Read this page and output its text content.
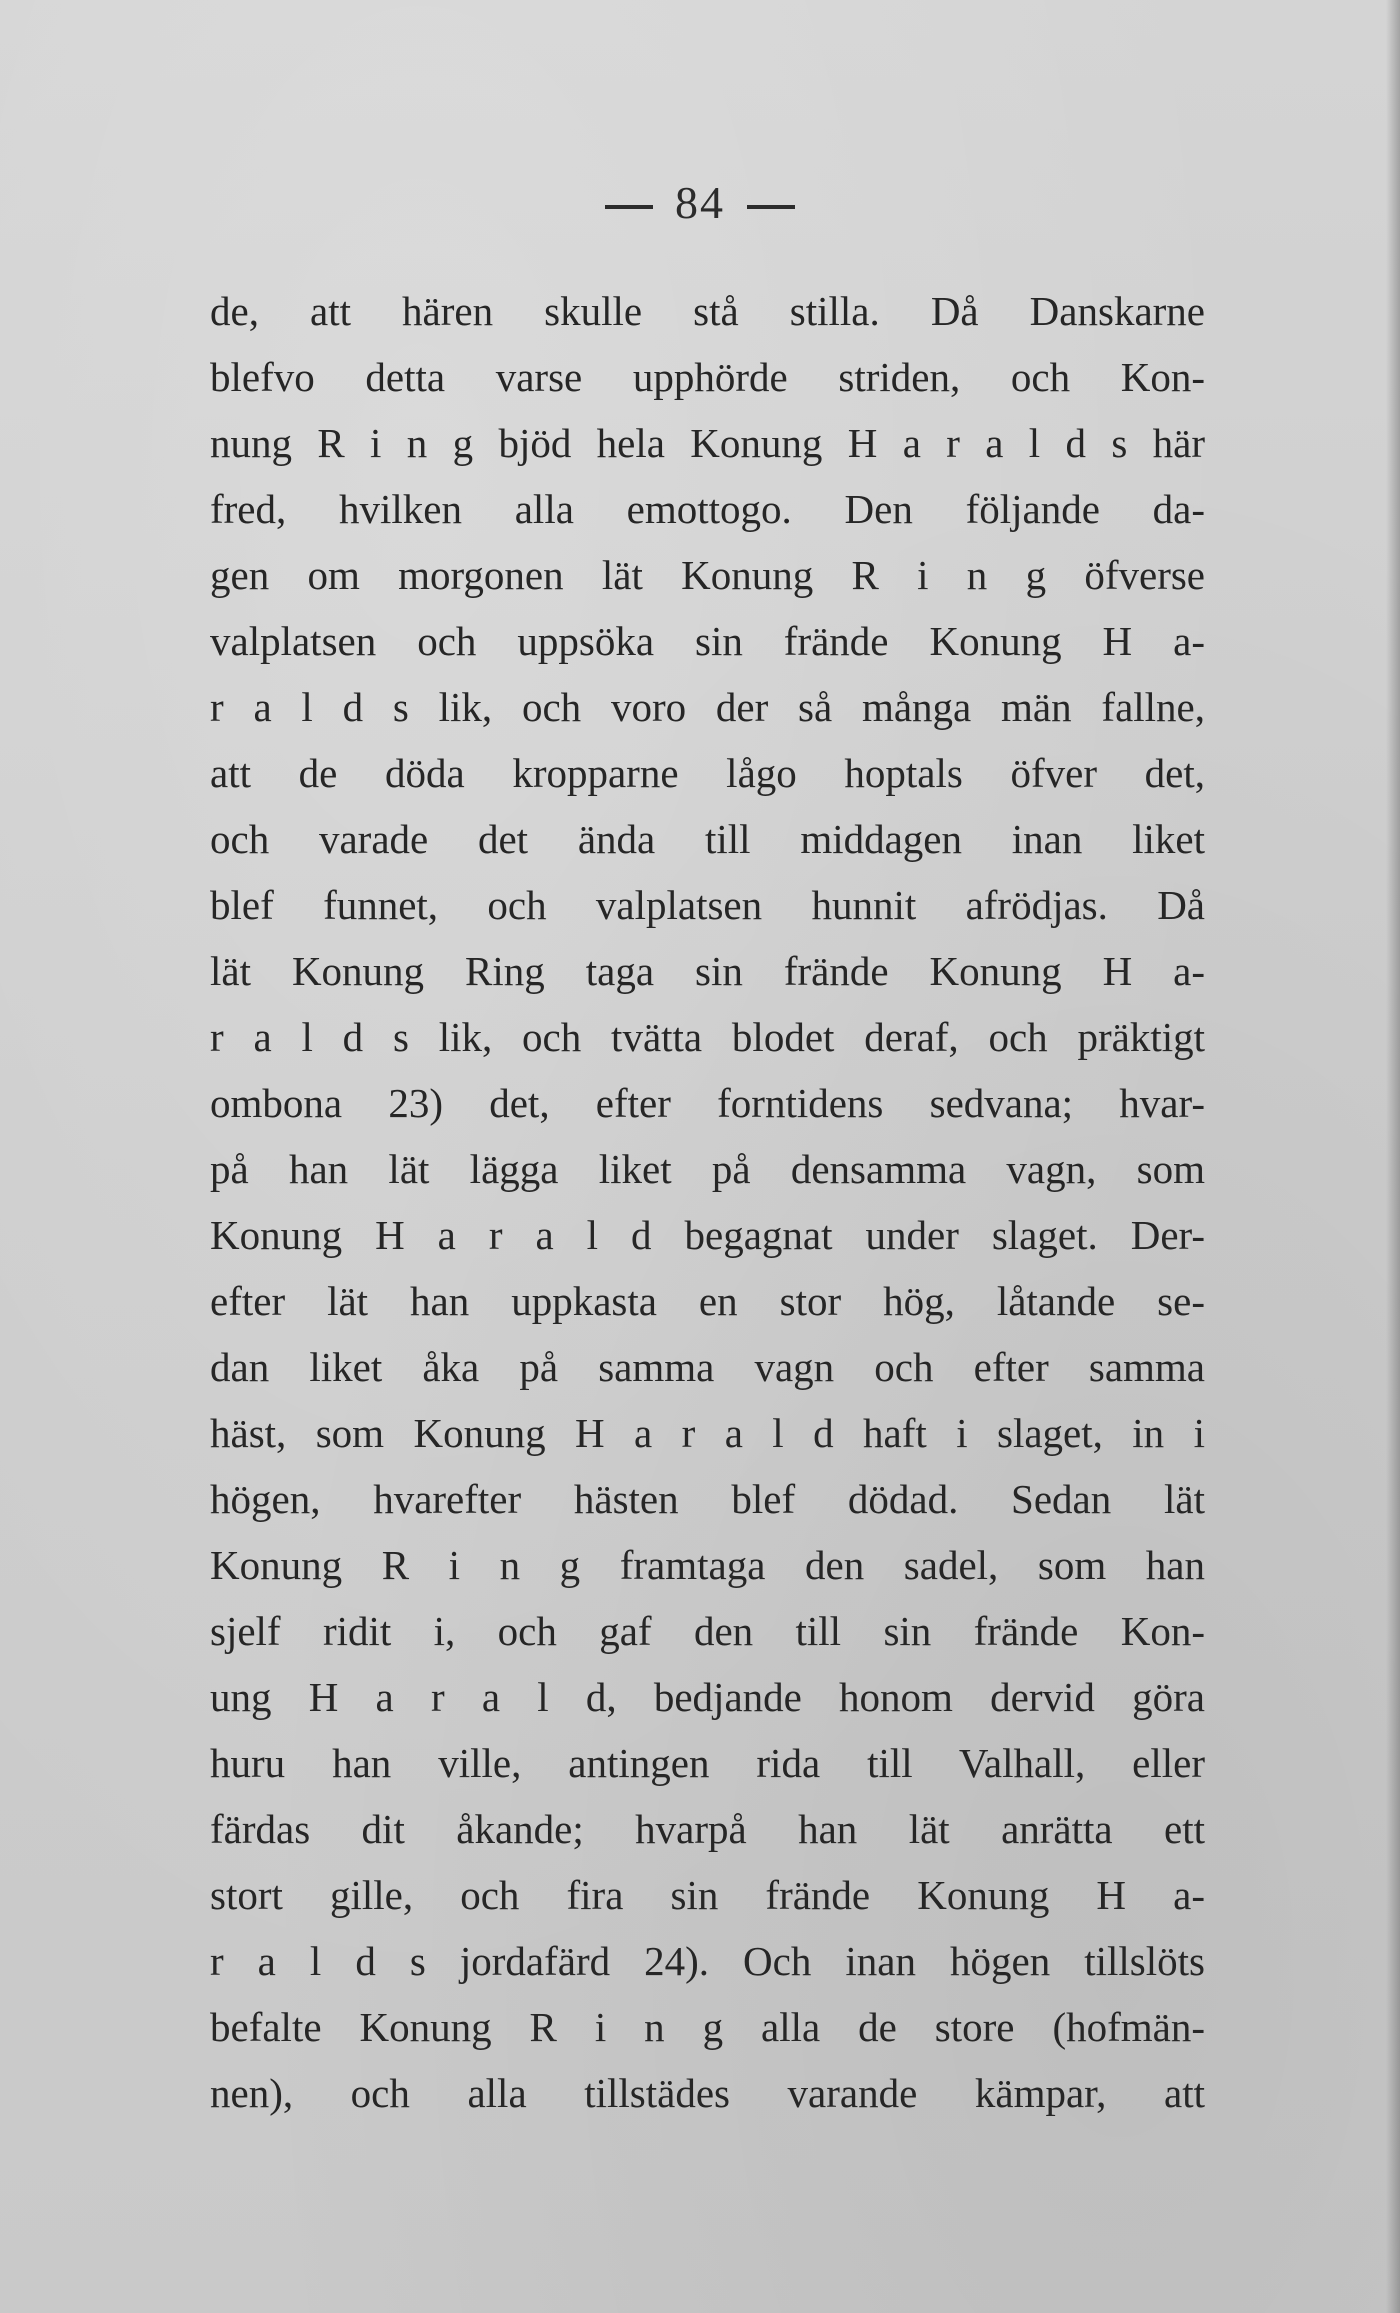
84
de, att hären skulle stå stilla. Då Danskarne
blefvo detta varse upphörde striden, och Kon-
nung R i n g bjöd hela Konung H a r a l d s här
fred, hvilken alla emottogo. Den följande da-
gen om morgonen lät Konung R i n g öfverse
valplatsen och uppsöka sin frände Konung H a-
r a l d s lik, och voro der så många män fallne,
att de döda kropparne lågo hoptals öfver det,
och varade det ända till middagen inan liket
blef funnet, och valplatsen hunnit afrödjas. Då
lät Konung Ring taga sin frände Konung H a-
r a l d s lik, och tvätta blodet deraf, och präktigt
ombona 23) det, efter forntidens sedvana; hvar-
på han lät lägga liket på densamma vagn, som
Konung H a r a l d begagnat under slaget. Der-
efter lät han uppkasta en stor hög, låtande se-
dan liket åka på samma vagn och efter samma
häst, som Konung H a r a l d haft i slaget, in i
högen, hvarefter hästen blef dödad. Sedan lät
Konung R i n g framtaga den sadel, som han
sjelf ridit i, och gaf den till sin frände Kon-
ung H a r a l d, bedjande honom dervid göra
huru han ville, antingen rida till Valhall, eller
färdas dit åkande; hvarpå han lät anrätta ett
stort gille, och fira sin frände Konung H a-
r a l d s jordafärd 24). Och inan högen tillslöts
befalte Konung R i n g alla de store (hofmän-
nen), och alla tillstädes varande kämpar, att
